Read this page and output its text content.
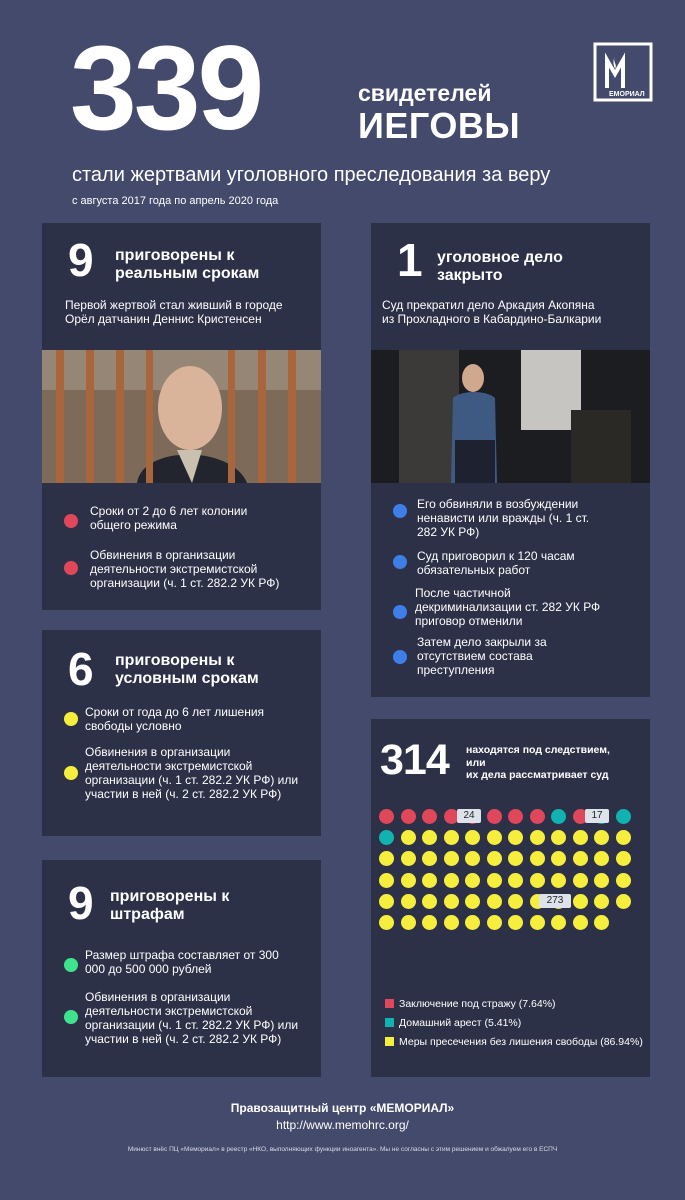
339	свидетелей
ИЕГОВЫ
ЕМОРИАЛ
стали жертвами уголовного преследования за веру
с августа 2017 года по апрель 2020 года
9 приговорены к
реальным срокам
Первой жертвой стал живший в городе Орёл датчанин Деннис Кристенсен
Сроки от 2 до 6 лет колонии общего режима
Обвинения в организации деятельности экстремистской организации (ч. 1 ст. 282.2 УК РФ)
1 уголовное дело
закрыто
Суд прекратил дело Аркадия Акопяна из Прохладного в Кабардино-Балкарии
Его обвиняли в возбуждении ненависти или вражды (ч. 1 ст. 282 УК РФ)
Суд приговорил к 120 часам обязательных работ
После частичной декриминализации ст. 282 УК РФ приговор отменили
Затем дело закрыли за отсутствием состава преступления
6 приговорены к
условным срокам
Сроки от года до 6 лет лишения свободы условно
Обвинения в организации деятельности экстремистской организации (ч. 1 ст. 282.2 УК РФ) или участии в ней (ч. 2 ст. 282.2 УК РФ)
9 приговорены к
штрафам
Размер штрафа составляет от 300 000 до 500 000 рублей
Обвинения в организации деятельности экстремистской организации (ч. 1 ст. 282.2 УК РФ) или участии в ней (ч. 2 ст. 282.2 УК РФ)
314 находятся под следствием,
или
их дела рассматривает суд
24	17
273
Заключение под стражу (7.64%)
Домашний арест (5.41%)
Меры пресечения без лишения свободы (86.94%)
Правозащитный центр «МЕМОРИАЛ»
http://www.memohrc.org/
Минюст внёс ПЦ «Мемориал» в реестр «НКО, выполняющих функции иноагента». Мы не согласны с этим решением и обжалуем его в ЕСПЧ
